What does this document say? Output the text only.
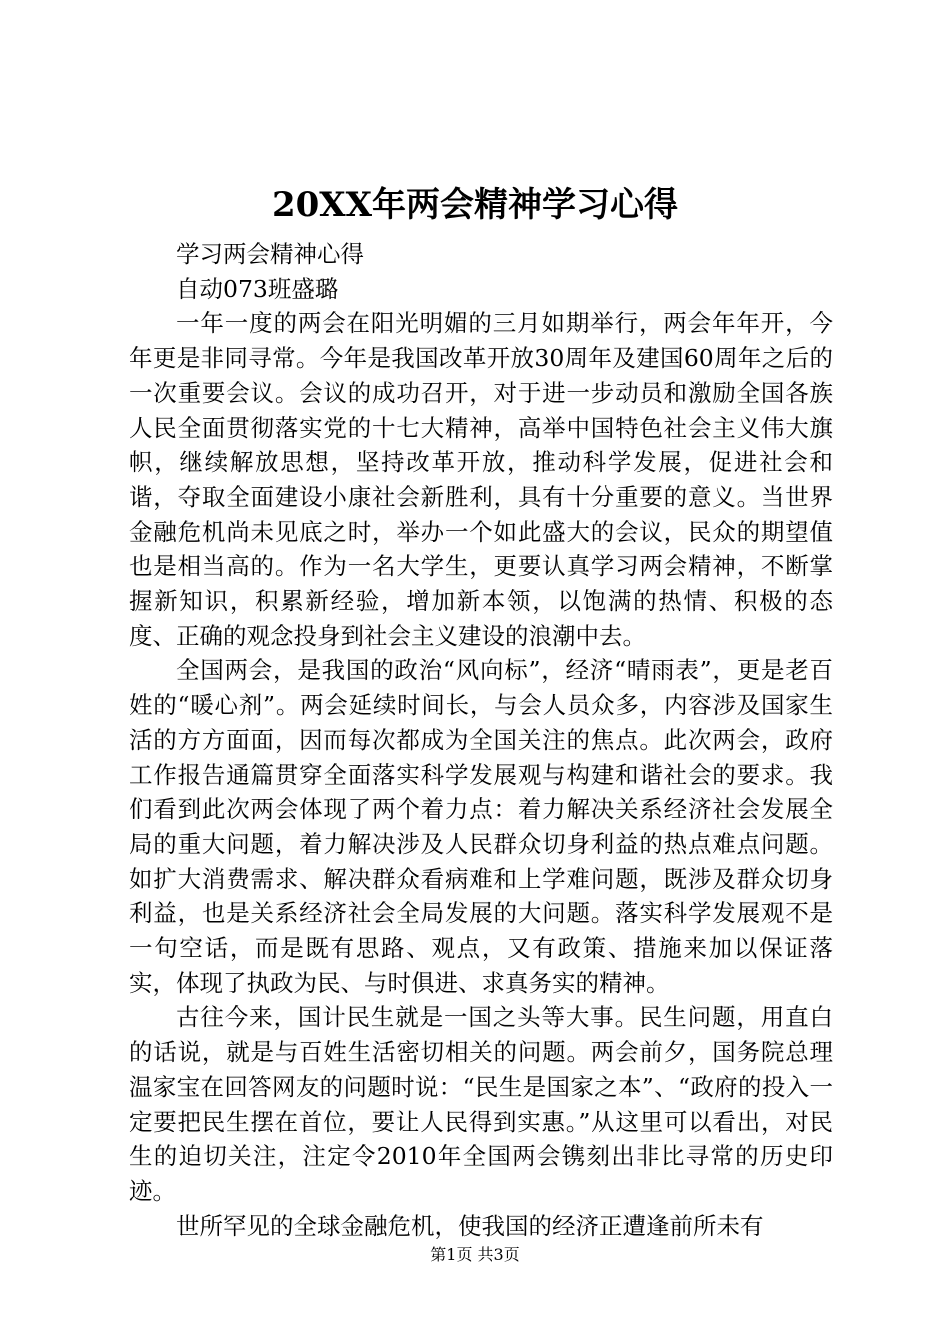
20XX年两会精神学习心得

学习两会精神心得

自动073班盛璐

一年一度的两会在阳光明媚的三月如期举行，两会年年开，今年更是非同寻常。今年是我国改革开放30周年及建国60周年之后的一次重要会议。会议的成功召开，对于进一步动员和激励全国各族人民全面贯彻落实党的十七大精神，高举中国特色社会主义伟大旗帜，继续解放思想，坚持改革开放，推动科学发展，促进社会和谐，夺取全面建设小康社会新胜利，具有十分重要的意义。当世界金融危机尚未见底之时，举办一个如此盛大的会议，民众的期望值也是相当高的。作为一名大学生，更要认真学习两会精神，不断掌握新知识，积累新经验，增加新本领，以饱满的热情、积极的态度、正确的观念投身到社会主义建设的浪潮中去。

全国两会，是我国的政治“风向标”，经济“晴雨表”，更是老百姓的“暖心剂”。两会延续时间长，与会人员众多，内容涉及国家生活的方方面面，因而每次都成为全国关注的焦点。此次两会，政府工作报告通篇贯穿全面落实科学发展观与构建和谐社会的要求。我们看到此次两会体现了两个着力点：着力解决关系经济社会发展全局的重大问题，着力解决涉及人民群众切身利益的热点难点问题。如扩大消费需求、解决群众看病难和上学难问题，既涉及群众切身利益，也是关系经济社会全局发展的大问题。落实科学发展观不是一句空话，而是既有思路、观点，又有政策、措施来加以保证落实，体现了执政为民、与时俱进、求真务实的精神。

古往今来，国计民生就是一国之头等大事。民生问题，用直白的话说，就是与百姓生活密切相关的问题。两会前夕，国务院总理温家宝在回答网友的问题时说：“民生是国家之本”、“政府的投入一定要把民生摆在首位，要让人民得到实惠。”从这里可以看出，对民生的迫切关注，注定令2010年全国两会镌刻出非比寻常的历史印迹。

世所罕见的全球金融危机，使我国的经济正遭逢前所未有

第1页 共3页
